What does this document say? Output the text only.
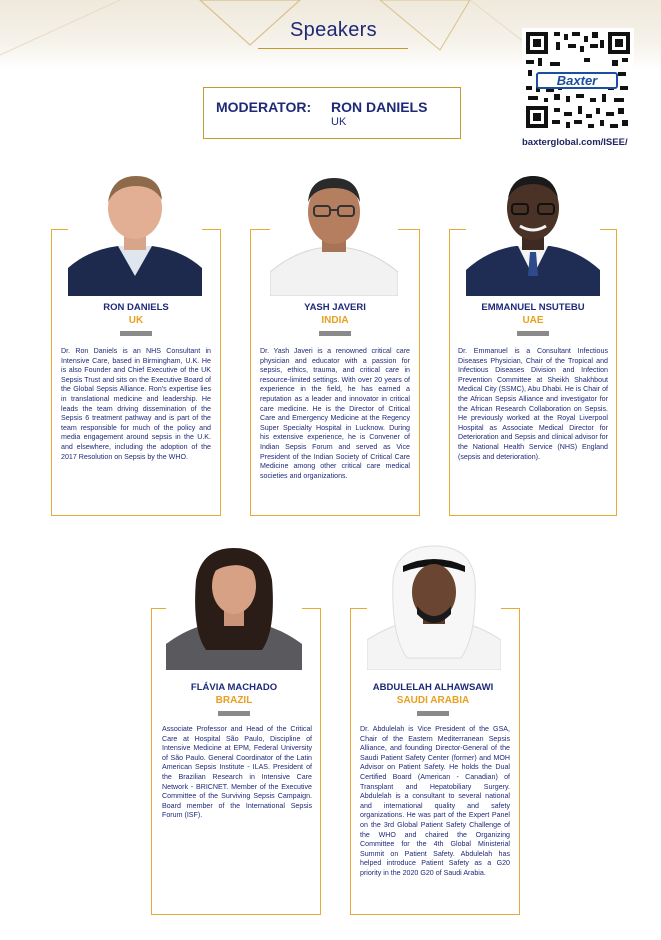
Speakers
Baxter
baxterglobal.com/ISEE/
MODERATOR: RON DANIELS
UK
RON DANIELS
UK
Dr. Ron Daniels is an NHS Consultant in Intensive Care, based in Birmingham, U.K. He is also Founder and Chief Executive of the UK Sepsis Trust and sits on the Executive Board of the Global Sepsis Alliance. Ron's expertise lies in translational medicine and leadership. He leads the team driving dissemination of the Sepsis 6 treatment pathway and is part of the team responsible for much of the policy and media engagement around sepsis in the U.K. and elsewhere, including the adoption of the 2017 Resolution on Sepsis by the WHO.
YASH JAVERI
INDIA
Dr. Yash Javeri is a renowned critical care physician and educator with a passion for sepsis, ethics, trauma, and critical care in resource-limited settings. With over 20 years of experience in the field, he has earned a reputation as a leader and innovator in critical care medicine. He is the Director of Critical Care and Emergency Medicine at the Regency Super Specialty Hospital in Lucknow. During his extensive experience, he is Convener of Indian Sepsis Forum and served as Vice President of the Indian Society of Critical Care Medicine among other critical care medical societies and organizations.
EMMANUEL NSUTEBU
UAE
Dr. Emmanuel is a Consultant Infectious Diseases Physician, Chair of the Tropical and Infectious Diseases Division and Infection Prevention Committee at Sheikh Shakhbout Medical City (SSMC), Abu Dhabi. He is Chair of the African Sepsis Alliance and investigator for the African Research Collaboration on Sepsis. He previously worked at the Royal Liverpool Hospital as Associate Medical Director for Deterioration and Sepsis and clinical advisor for the National Health Service (NHS) England (sepsis and deterioration).
FLÁVIA MACHADO
BRAZIL
Associate Professor and Head of the Critical Care at Hospital São Paulo, Discipline of Intensive Medicine at EPM, Federal University of São Paulo. General Coordinator of the Latin American Sepsis Institute - ILAS. President of the Brazilian Research in Intensive Care Network - BRICNET. Member of the Executive Committee of the Surviving Sepsis Campaign. Board member of the International Sepsis Forum (ISF).
ABDULELAH ALHAWSAWI
SAUDI ARABIA
Dr. Abdulelah is Vice President of the GSA, Chair of the Eastern Mediterranean Sepsis Alliance, and founding Director-General of the Saudi Patient Safety Center (former) and MOH Advisor on Patient Safety. He holds the Dual Certified Board (American - Canadian) of Transplant and Hepatobiliary Surgery. Abdulelah is a consultant to several national and international quality and safety organizations. He was part of the Expert Panel on the 3rd Global Patient Safety Challenge of the WHO and chaired the Organizing Committee for the 4th Global Ministerial Summit on Patient Safety. Abdulelah has helped introduce Patient Safety as a G20 priority in the 2020 G20 of Saudi Arabia.
